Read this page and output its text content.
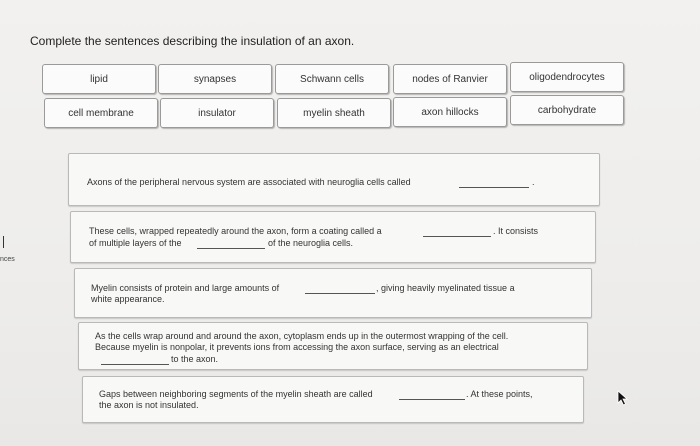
Complete the sentences describing the insulation of an axon.
lipid	synapses	Schwann cells	nodes of Ranvier	oligodendrocytes
cell membrane	insulator	myelin sheath	axon hillocks	carbohydrate
Axons of the peripheral nervous system are associated with neuroglia cells called	.
These cells, wrapped repeatedly around the axon, form a coating called a	. It consists
of multiple layers of the	of the neuroglia cells.
Myelin consists of protein and large amounts of	, giving heavily myelinated tissue a
white appearance.
As the cells wrap around and around the axon, cytoplasm ends up in the outermost wrapping of the cell.
Because myelin is nonpolar, it prevents ions from accessing the axon surface, serving as an electrical
to the axon.
Gaps between neighboring segments of the myelin sheath are called	. At these points,
the axon is not insulated.
nces
